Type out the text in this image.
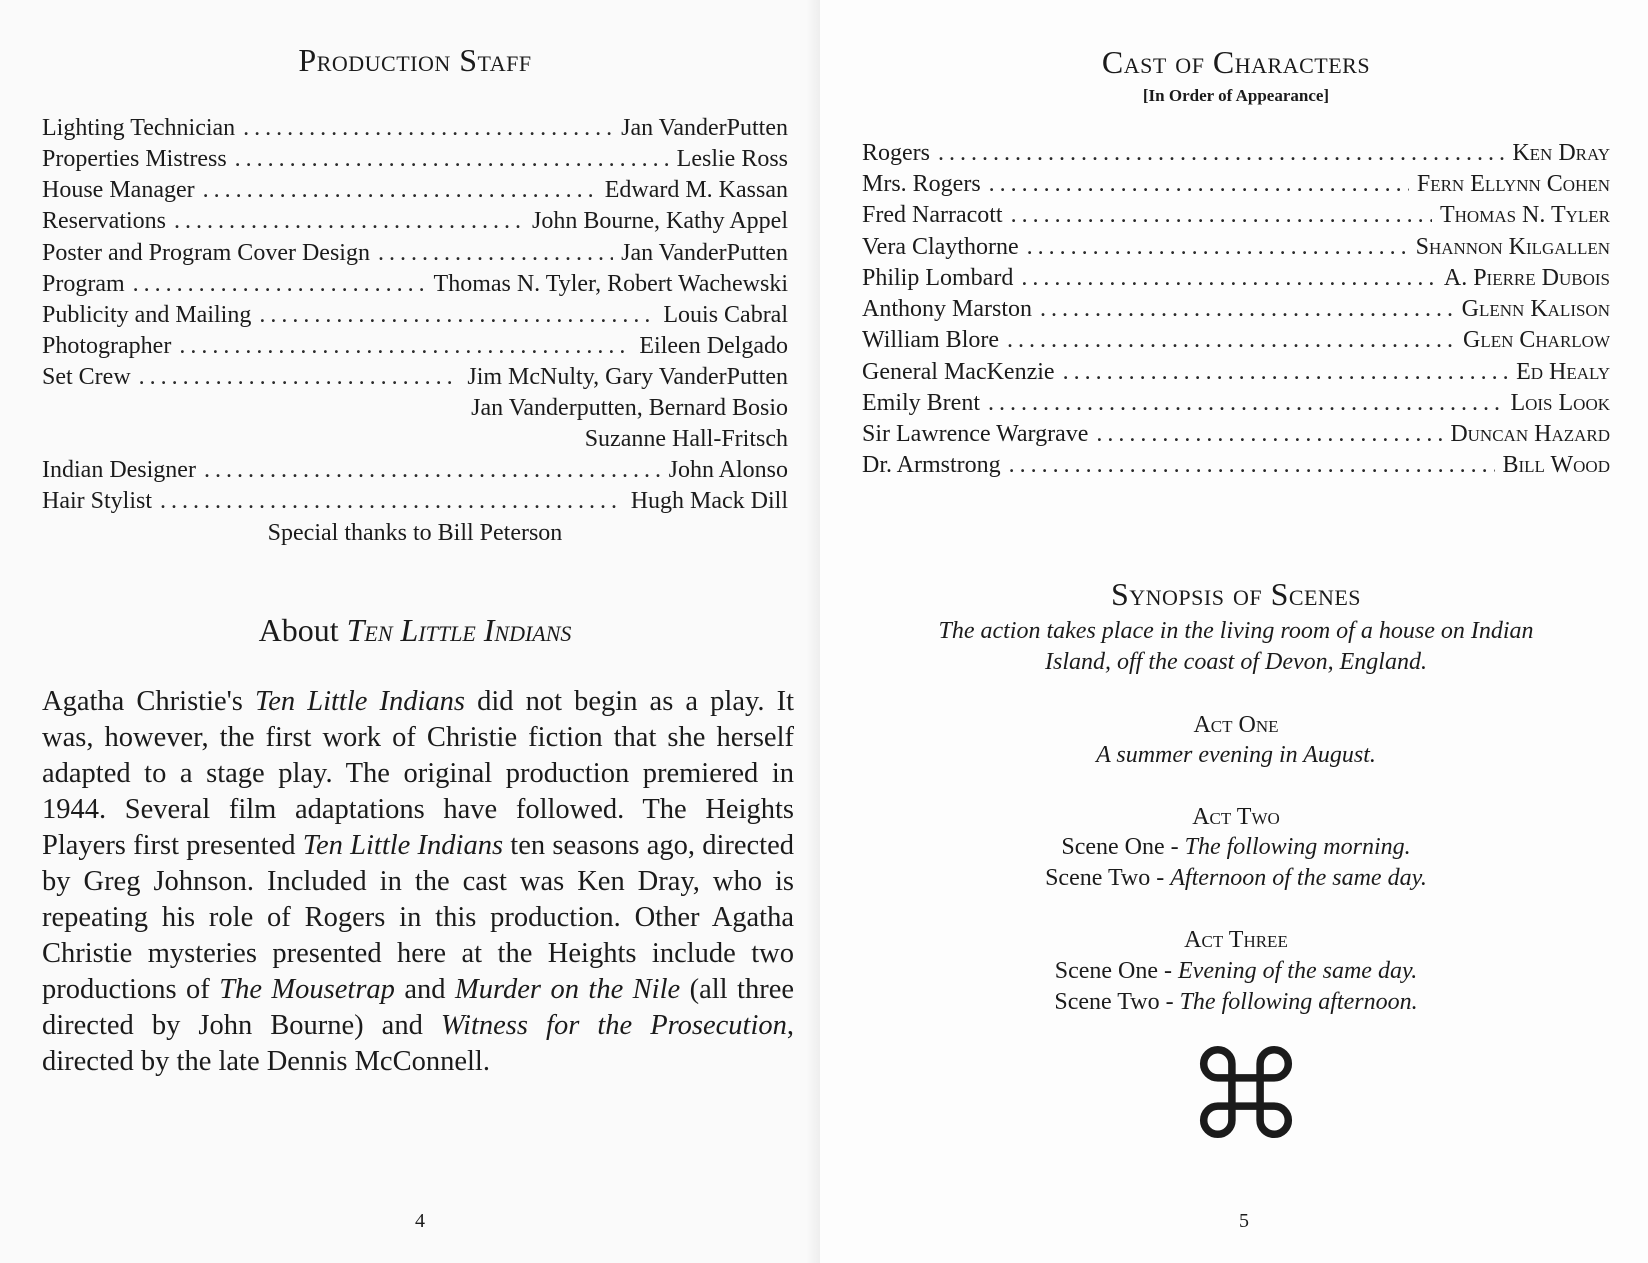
Production Staff
Lighting Technician .....	Jan VanderPutten
Properties Mistress .....	Leslie Ross
House Manager .....	Edward M. Kassan
Reservations .....	John Bourne, Kathy Appel
Poster and Program Cover Design .....	Jan VanderPutten
Program .....	Thomas N. Tyler, Robert Wachewski
Publicity and Mailing .....	Louis Cabral
Photographer .....	Eileen Delgado
Set Crew .....	Jim McNulty, Gary VanderPutten
Jan Vanderputten, Bernard Bosio
Suzanne Hall-Fritsch
Indian Designer .....	John Alonso
Hair Stylist .....	Hugh Mack Dill
Special thanks to Bill Peterson
About Ten Little Indians
Agatha Christie's Ten Little Indians did not begin as a play. It was, however, the first work of Christie fiction that she herself adapted to a stage play. The original production premiered in 1944. Several film adaptations have followed. The Heights Players first presented Ten Little Indians ten seasons ago, directed by Greg Johnson. Included in the cast was Ken Dray, who is repeating his role of Rogers in this production. Other Agatha Christie mysteries presented here at the Heights include two productions of The Mousetrap and Murder on the Nile (all three directed by John Bourne) and Witness for the Prosecution, directed by the late Dennis McConnell.
4
Cast of Characters
[In Order of Appearance]
Rogers .....	Ken Dray
Mrs. Rogers .....	Fern Ellynn Cohen
Fred Narracott .....	Thomas N. Tyler
Vera Claythorne .....	Shannon Kilgallen
Philip Lombard .....	A. Pierre Dubois
Anthony Marston .....	Glenn Kalison
William Blore .....	Glen Charlow
General MacKenzie .....	Ed Healy
Emily Brent .....	Lois Look
Sir Lawrence Wargrave .....	Duncan Hazard
Dr. Armstrong .....	Bill Wood
Synopsis of Scenes
The action takes place in the living room of a house on Indian
Island, off the coast of Devon, England.
Act One
A summer evening in August.
Act Two
Scene One - The following morning.
Scene Two - Afternoon of the same day.
Act Three
Scene One - Evening of the same day.
Scene Two - The following afternoon.
5
